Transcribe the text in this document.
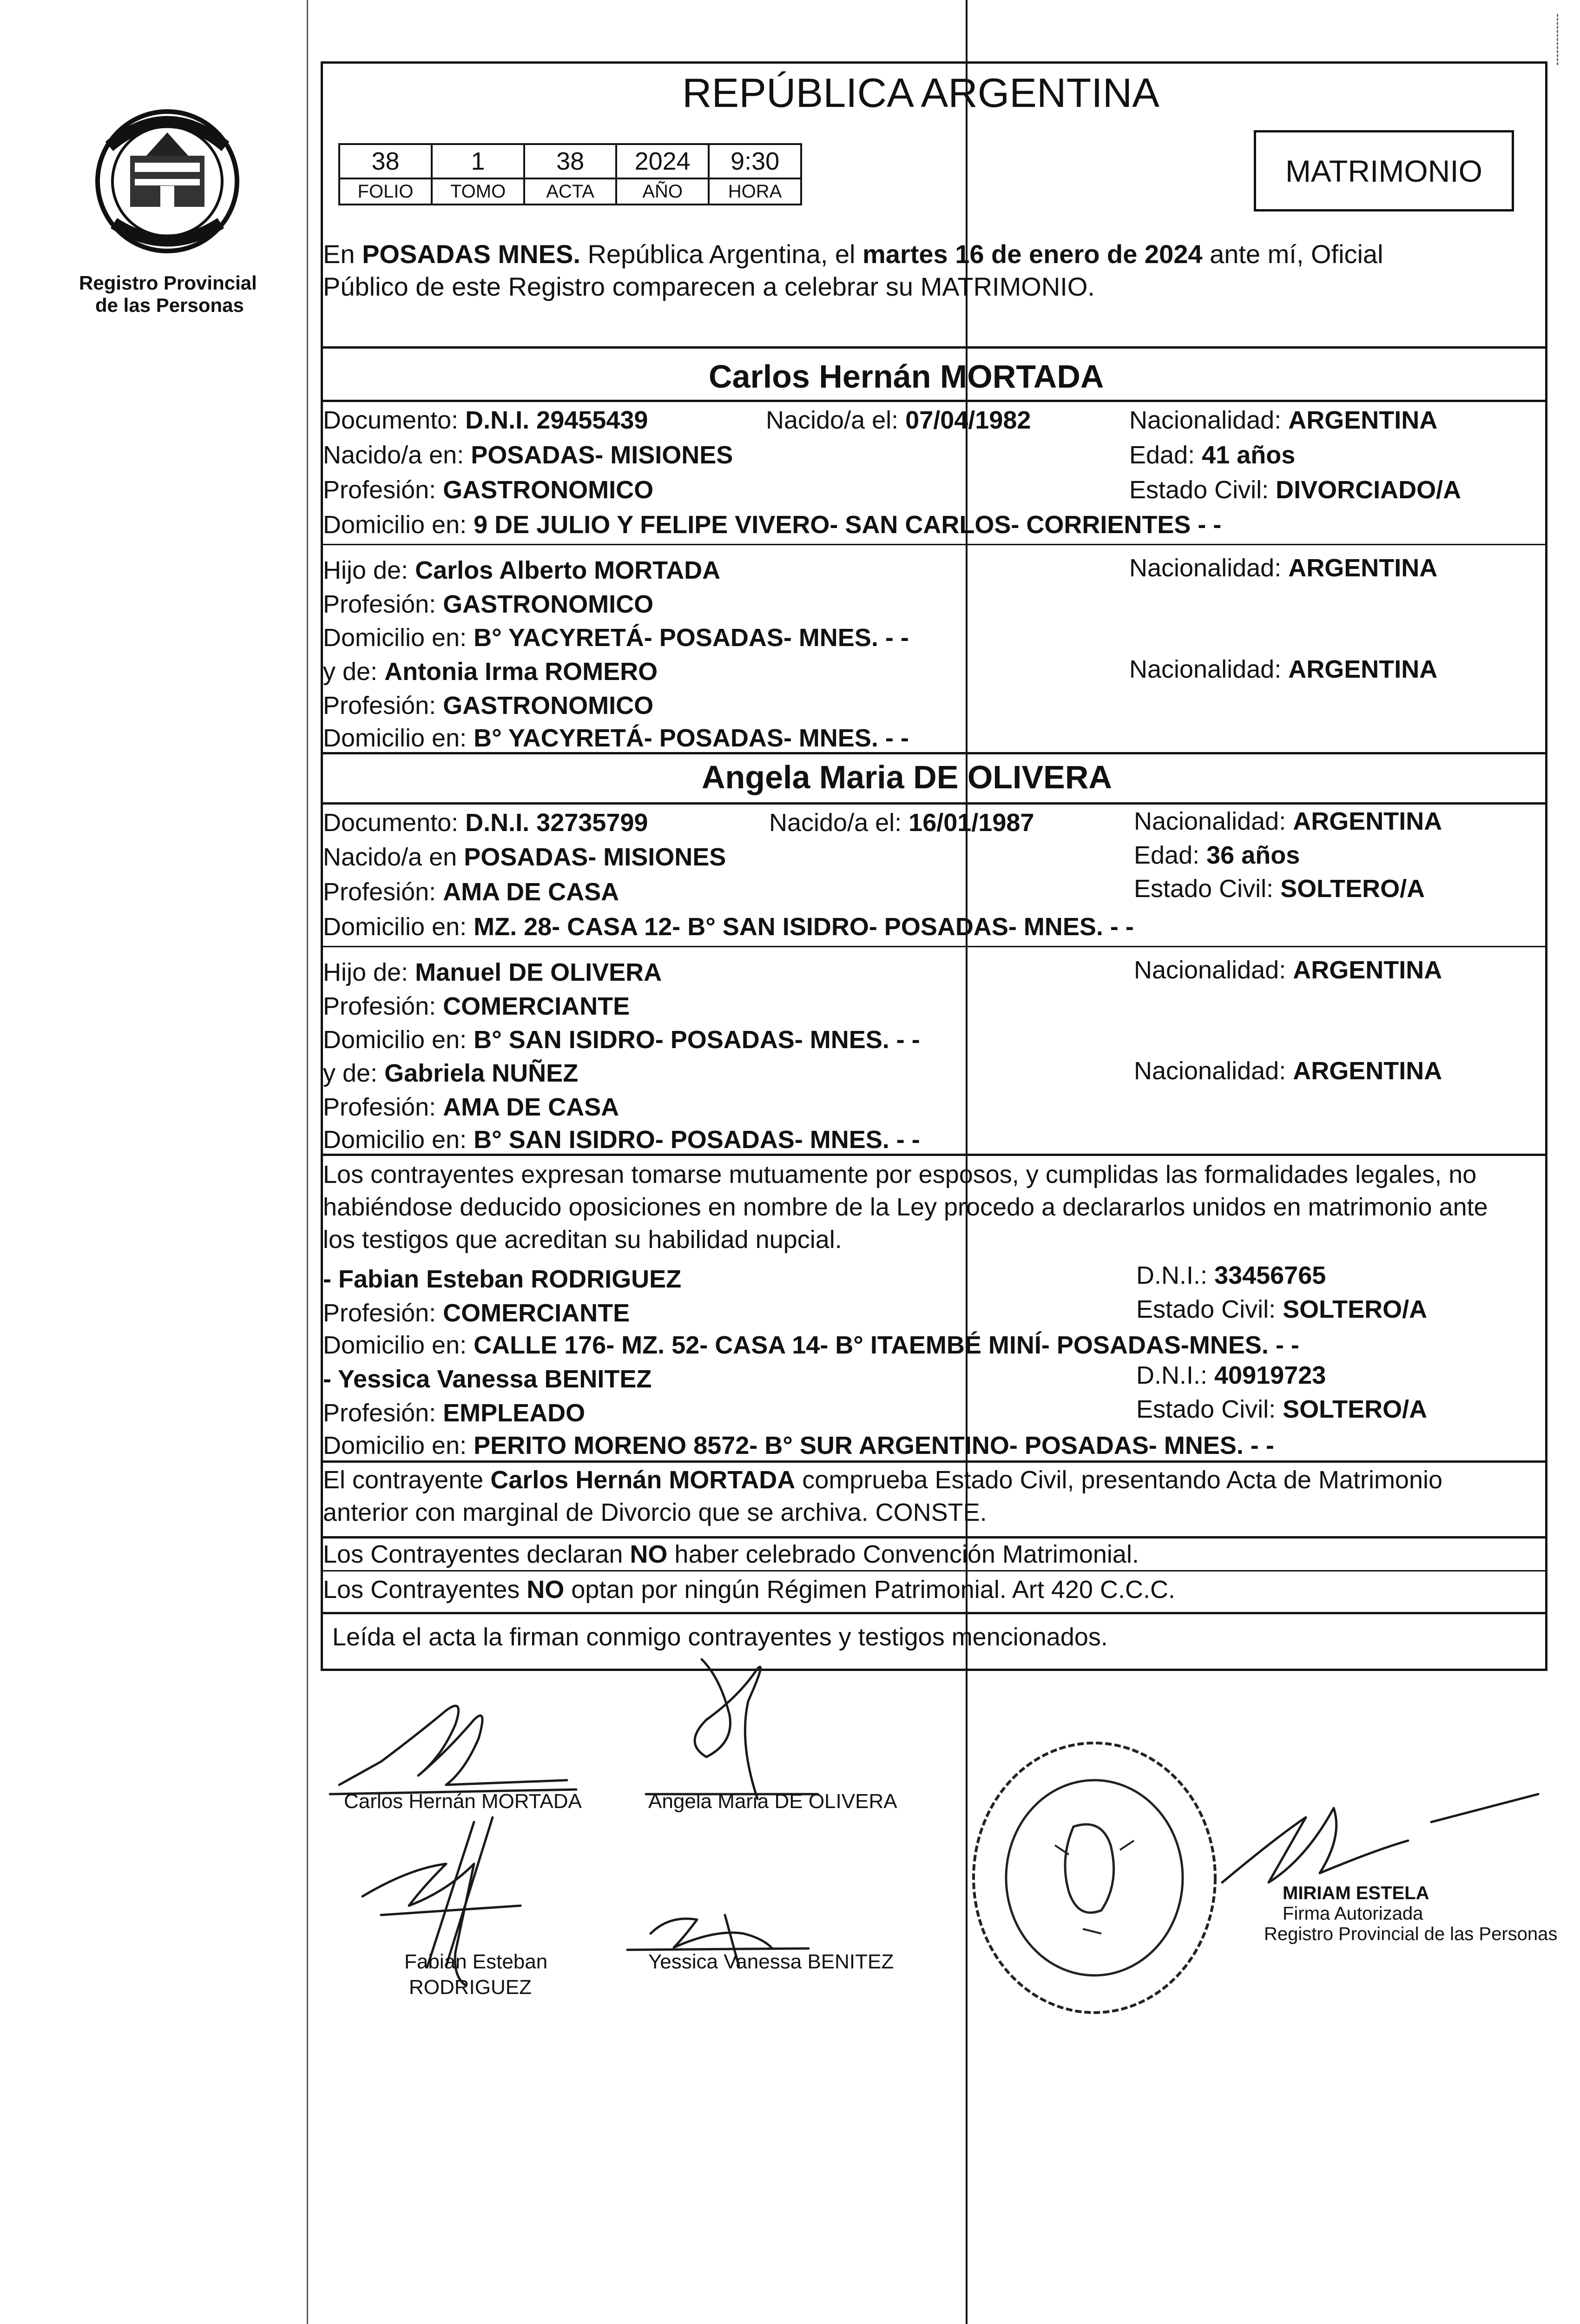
Registro Provincial
de las Personas
REPÚBLICA ARGENTINA
38	1	38	2024	9:30
FOLIO	TOMO	ACTA	AÑO	HORA
MATRIMONIO
En POSADAS MNES. República Argentina, el martes 16 de enero de 2024 ante mí, Oficial
Público de este Registro comparecen a celebrar su MATRIMONIO.
Carlos Hernán MORTADA
Documento: D.N.I. 29455439	Nacido/a el: 07/04/1982	Nacionalidad: ARGENTINA
Nacido/a en: POSADAS- MISIONES	Edad: 41 años
Profesión: GASTRONOMICO	Estado Civil: DIVORCIADO/A
Domicilio en: 9 DE JULIO Y FELIPE VIVERO- SAN CARLOS- CORRIENTES - -
Hijo de: Carlos Alberto MORTADA	Nacionalidad: ARGENTINA
Profesión: GASTRONOMICO
Domicilio en: B° YACYRETÁ- POSADAS- MNES. - -
y de: Antonia Irma ROMERO	Nacionalidad: ARGENTINA
Profesión: GASTRONOMICO
Domicilio en: B° YACYRETÁ- POSADAS- MNES. - -
Angela Maria DE OLIVERA
Documento: D.N.I. 32735799	Nacido/a el: 16/01/1987	Nacionalidad: ARGENTINA
Nacido/a en POSADAS- MISIONES	Edad: 36 años
Profesión: AMA DE CASA	Estado Civil: SOLTERO/A
Domicilio en: MZ. 28- CASA 12- B° SAN ISIDRO- POSADAS- MNES. - -
Hijo de: Manuel DE OLIVERA	Nacionalidad: ARGENTINA
Profesión: COMERCIANTE
Domicilio en: B° SAN ISIDRO- POSADAS- MNES. - -
y de: Gabriela NUÑEZ	Nacionalidad: ARGENTINA
Profesión: AMA DE CASA
Domicilio en: B° SAN ISIDRO- POSADAS- MNES. - -
Los contrayentes expresan tomarse mutuamente por esposos, y cumplidas las formalidades legales, no
habiéndose deducido oposiciones en nombre de la Ley procedo a declararlos unidos en matrimonio ante
los testigos que acreditan su habilidad nupcial.
- Fabian Esteban RODRIGUEZ	D.N.I.: 33456765
Profesión: COMERCIANTE	Estado Civil: SOLTERO/A
Domicilio en: CALLE 176- MZ. 52- CASA 14- B° ITAEMBÉ MINÍ- POSADAS-MNES. - -
- Yessica Vanessa BENITEZ	D.N.I.: 40919723
Profesión: EMPLEADO	Estado Civil: SOLTERO/A
Domicilio en: PERITO MORENO 8572- B° SUR ARGENTINO- POSADAS- MNES. - -
El contrayente Carlos Hernán MORTADA comprueba Estado Civil, presentando Acta de Matrimonio
anterior con marginal de Divorcio que se archiva. CONSTE.
Los Contrayentes declaran NO haber celebrado Convención Matrimonial.
Los Contrayentes NO optan por ningún Régimen Patrimonial. Art 420 C.C.C.
Leída el acta la firman conmigo contrayentes y testigos mencionados.
Carlos Hernán MORTADA	Angela Maria DE OLIVERA
Fabian Esteban
RODRIGUEZ
Yessica Vanessa BENITEZ
MIRIAM ESTELA
Firma Autorizada
Registro Provincial de las Personas
